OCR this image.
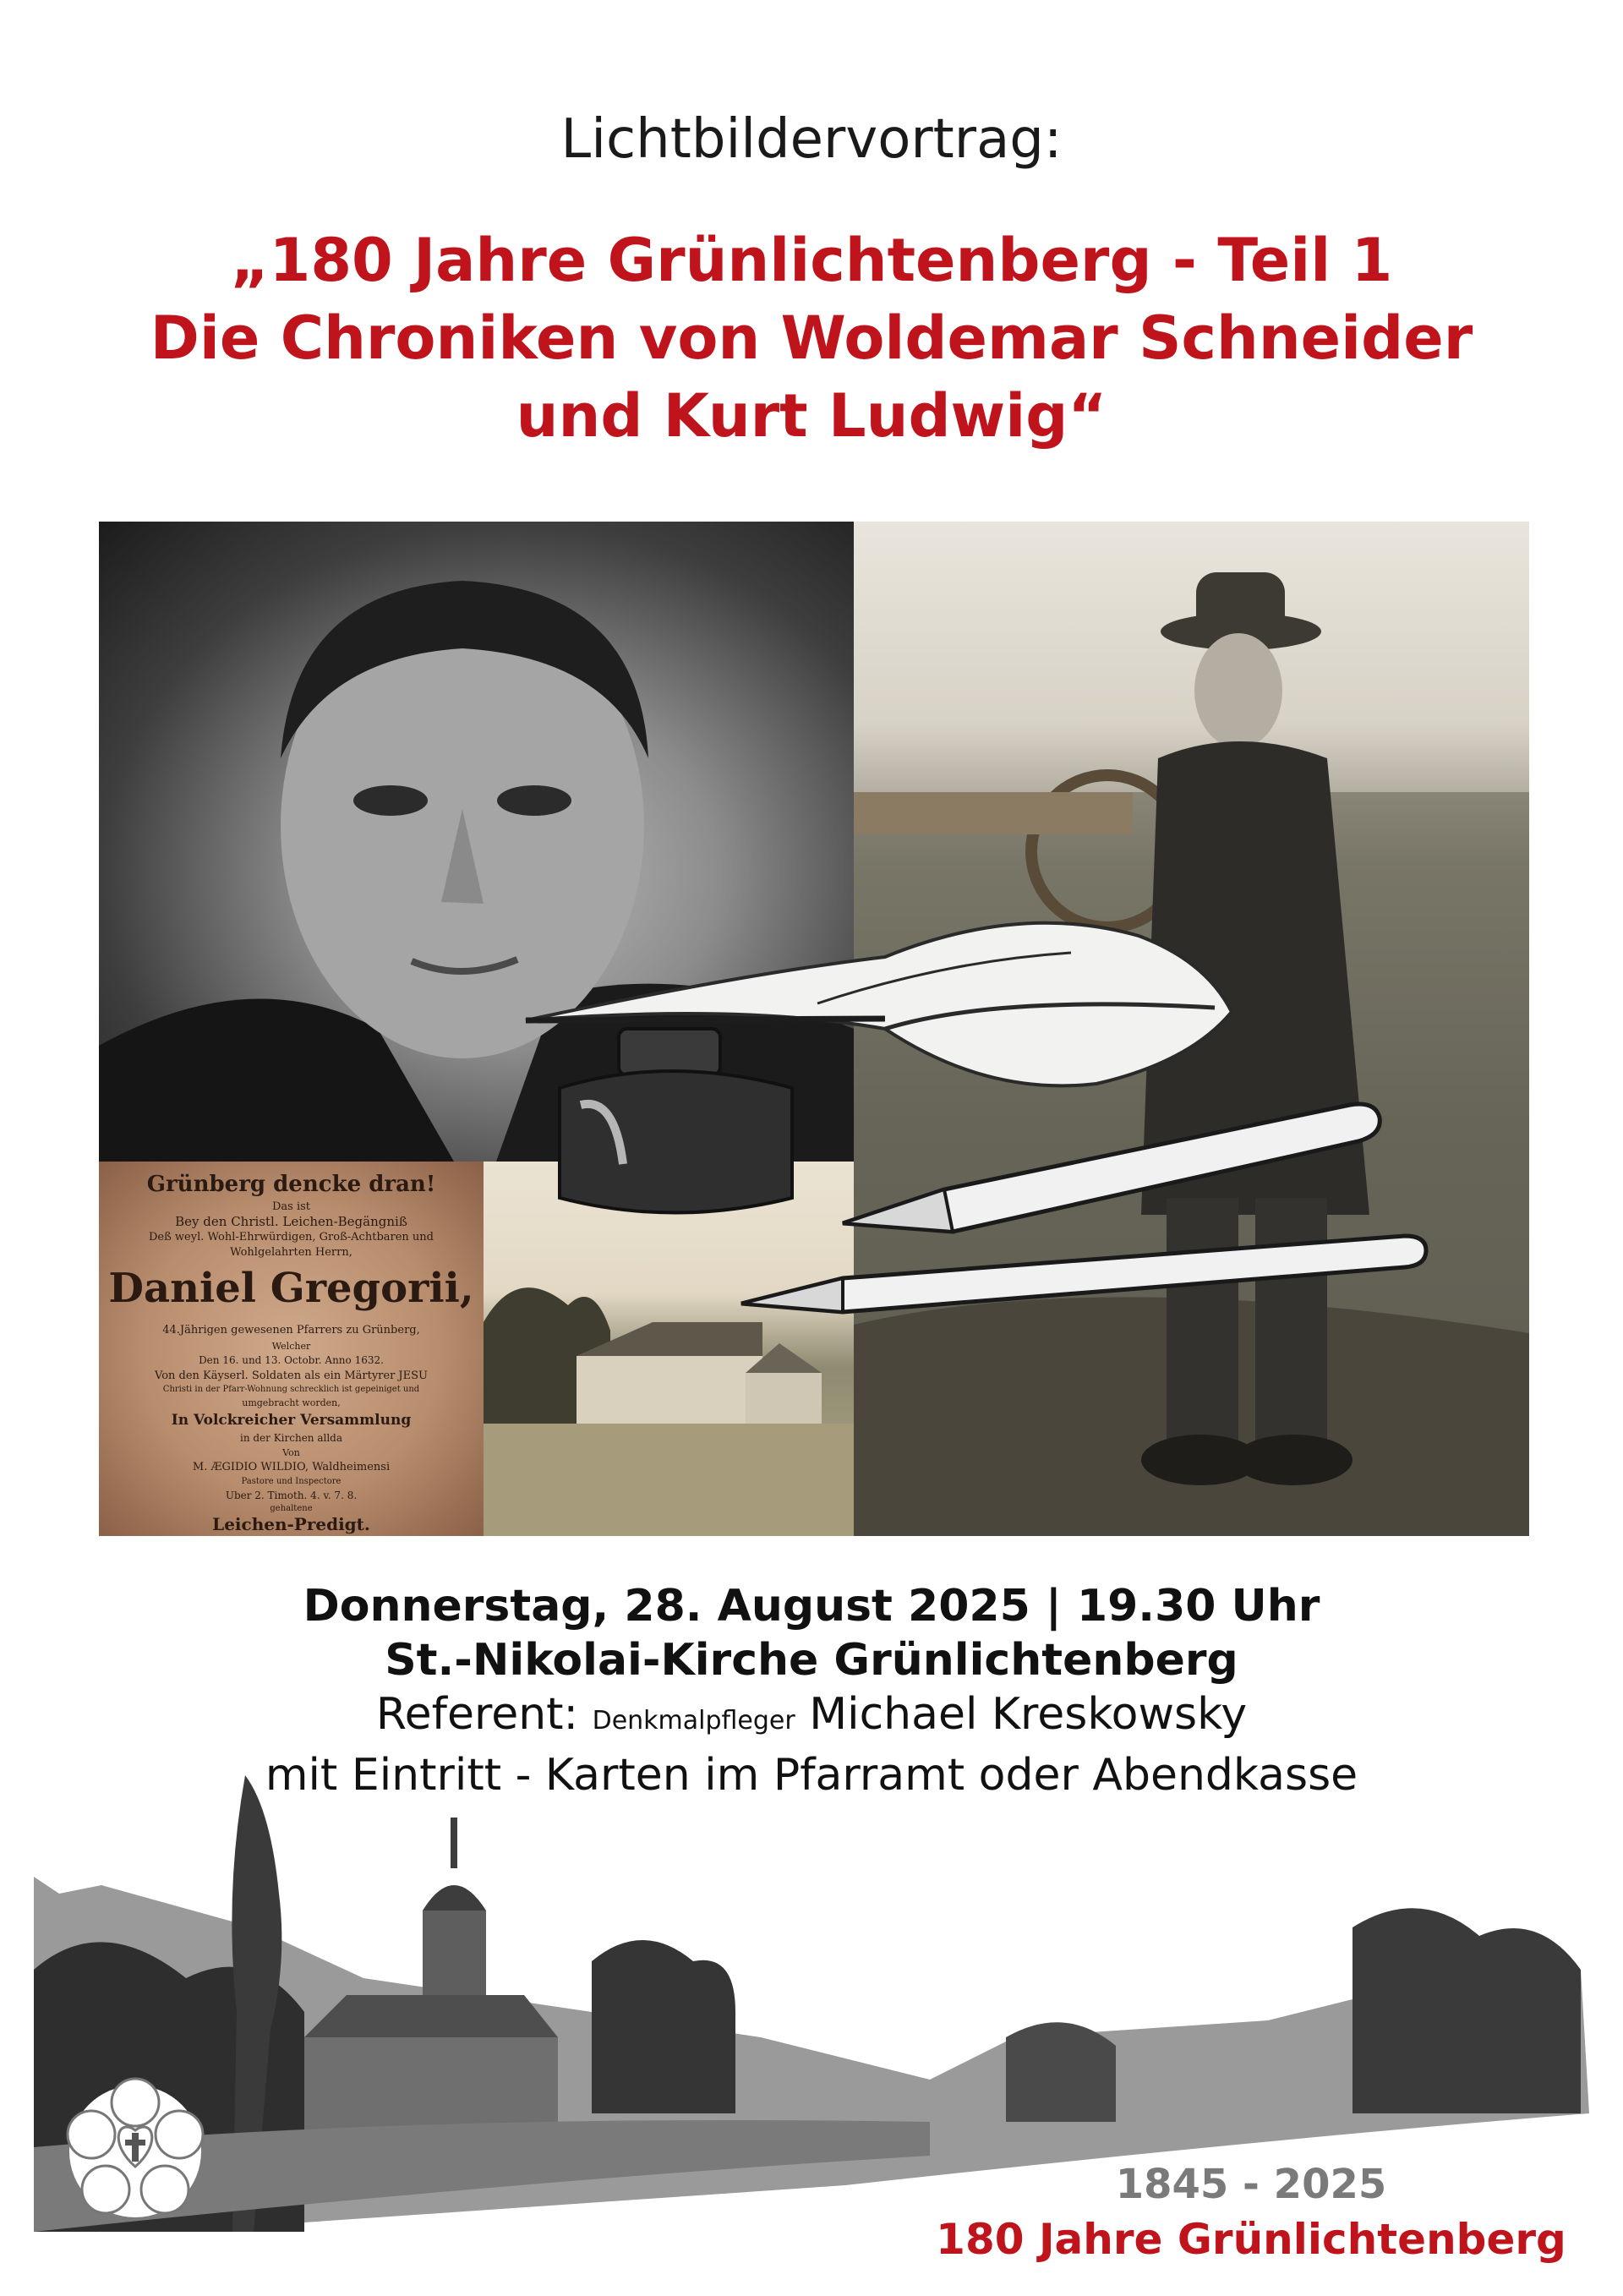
Lichtbildervortrag:
„180 Jahre Grünlichtenberg - Teil 1
Die Chroniken von Woldemar Schneider
und Kurt Ludwig“
Grünberg dencke dran!
Das ist
Bey den Christl. Leichen-Begängniß
Deß weyl. Wohl-Ehrwürdigen, Groß-Achtbaren und
Wohlgelahrten Herrn,
Daniel Gregorii,
44.Jährigen gewesenen Pfarrers zu Grünberg,
Welcher
Den 16. und 13. Octobr. Anno 1632.
Von den Käyserl. Soldaten als ein Märtyrer JESU
Christi in der Pfarr-Wohnung schrecklich ist gepeiniget und
umgebracht worden,
In Volckreicher Versammlung
in der Kirchen allda
Von
M. ÆGIDIO WILDIO, Waldheimensi
Pastore und Inspectore
Uber 2. Timoth. 4. v. 7. 8.
gehaltene
Leichen-Predigt.
Donnerstag, 28. August 2025 | 19.30 Uhr
St.-Nikolai-Kirche Grünlichtenberg
Referent: Denkmalpfleger Michael Kreskowsky
mit Eintritt - Karten im Pfarramt oder Abendkasse
1845 - 2025
180 Jahre Grünlichtenberg
